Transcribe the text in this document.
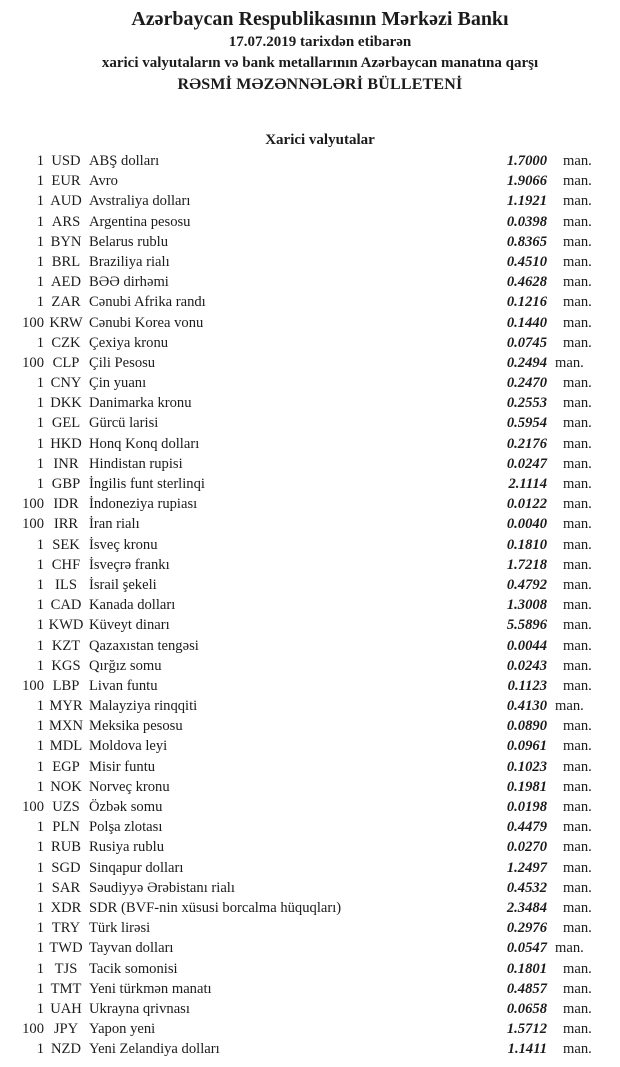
Azərbaycan Respublikasının Mərkəzi Bankı
17.07.2019 tarixdən etibarən
xarici valyutaların və bank metallarının Azərbaycan manatına qarşı
RƏSMİ MƏZƏNNƏLƏRİ BÜLLETENİ
Xarici valyutalar
1 USD ABŞ dolları	1.7000	man.
1 EUR Avro	1.9066	man.
1 AUD Avstraliya dolları	1.1921	man.
1 ARS Argentina pesosu	0.0398	man.
1 BYN Belarus rublu	0.8365	man.
1 BRL Braziliya rialı	0.4510	man.
1 AED BƏƏ dirhəmi	0.4628	man.
1 ZAR Cənubi Afrika randı	0.1216	man.
100 KRW Cənubi Korea vonu	0.1440	man.
1 CZK Çexiya kronu	0.0745	man.
100 CLP Çili Pesosu	0.2494 man.
1 CNY Çin yuanı	0.2470	man.
1 DKK Danimarka kronu	0.2553	man.
1 GEL Gürcü larisi	0.5954	man.
1 HKD Honq Konq dolları	0.2176	man.
1 INR Hindistan rupisi	0.0247	man.
1 GBP İngilis funt sterlinqi	2.1114	man.
100 IDR İndoneziya rupiası	0.0122	man.
100 IRR İran rialı	0.0040	man.
1 SEK İsveç kronu	0.1810	man.
1 CHF İsveçrə frankı	1.7218	man.
1 ILS İsrail şekeli	0.4792	man.
1 CAD Kanada dolları	1.3008	man.
1 KWD Küveyt dinarı	5.5896	man.
1 KZT Qazaxıstan tengəsi	0.0044	man.
1 KGS Qırğız somu	0.0243	man.
100 LBP Livan funtu	0.1123	man.
1 MYR Malayziya rinqqiti	0.4130 man.
1 MXN Meksika pesosu	0.0890	man.
1 MDL Moldova leyi	0.0961	man.
1 EGP Misir funtu	0.1023	man.
1 NOK Norveç kronu	0.1981	man.
100 UZS Özbək somu	0.0198	man.
1 PLN Polşa zlotası	0.4479	man.
1 RUB Rusiya rublu	0.0270	man.
1 SGD Sinqapur dolları	1.2497	man.
1 SAR Səudiyyə Ərəbistanı rialı	0.4532	man.
1 XDR SDR (BVF-nin xüsusi borcalma hüquqları)	2.3484	man.
1 TRY Türk lirəsi	0.2976	man.
1 TWD Tayvan dolları	0.0547 man.
1 TJS Tacik somonisi	0.1801	man.
1 TMT Yeni türkmən manatı	0.4857	man.
1 UAH Ukrayna qrivnası	0.0658	man.
100 JPY Yapon yeni	1.5712	man.
1 NZD Yeni Zelandiya dolları	1.1411	man.
